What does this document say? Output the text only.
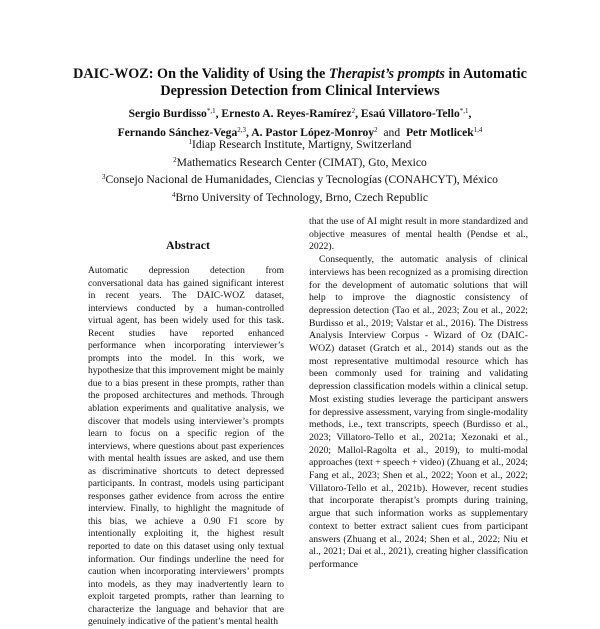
DAIC-WOZ: On the Validity of Using the Therapist’s prompts in Automatic
Depression Detection from Clinical Interviews
Sergio Burdisso$^{*,1}$, Ernesto A. Reyes-Ramírez$^2$, Esaú Villatoro-Tello$^{*,1}$,
Fernando Sánchez-Vega$^{2,3}$, A. Pastor López-Monroy$^2$ and Petr Motlicek$^{1,4}$
$^1$Idiap Research Institute, Martigny, Switzerland
$^2$Mathematics Research Center (CIMAT), Gto, Mexico
$^3$Consejo Nacional de Humanidades, Ciencias y Tecnologías (CONAHCYT), México
$^4$Brno University of Technology, Brno, Czech Republic
Abstract
Automatic depression detection from conversational data has gained significant interest in recent years. The DAIC-WOZ dataset, interviews conducted by a human-controlled virtual agent, has been widely used for this task. Recent studies have reported enhanced performance when incorporating interviewer’s prompts into the model. In this work, we hypothesize that this improvement might be mainly due to a bias present in these prompts, rather than the proposed architectures and methods. Through ablation experiments and qualitative analysis, we discover that models using interviewer’s prompts learn to focus on a specific region of the interviews, where questions about past experiences with mental health issues are asked, and use them as discriminative shortcuts to detect depressed participants. In contrast, models using participant responses gather evidence from across the entire interview. Finally, to highlight the magnitude of this bias, we achieve a 0.90 F1 score by intentionally exploiting it, the highest result reported to date on this dataset using only textual information. Our findings underline the need for caution when incorporating interviewers’ prompts into models, as they may inadvertently learn to exploit targeted prompts, rather than learning to characterize the language and behavior that are genuinely indicative of the patient’s mental health

that the use of AI might result in more standardized and objective measures of mental health (Pendse et al., 2022).

Consequently, the automatic analysis of clinical interviews has been recognized as a promising direction for the development of automatic solutions that will help to improve the diagnostic consistency of depression detection (Tao et al., 2023; Zou et al., 2022; Burdisso et al., 2019; Valstar et al., 2016). The Distress Analysis Interview Corpus - Wizard of Oz (DAIC-WOZ) dataset (Gratch et al., 2014) stands out as the most representative multimodal resource which has been commonly used for training and validating depression classification models within a clinical setup. Most existing studies leverage the participant answers for depressive assessment, varying from single-modality methods, i.e., text transcripts, speech (Burdisso et al., 2023; Villatoro-Tello et al., 2021a; Xezonaki et al., 2020; Mallol-Ragolta et al., 2019), to multi-modal approaches (text + speech + video) (Zhuang et al., 2024; Fang et al., 2023; Shen et al., 2022; Yoon et al., 2022; Villatoro-Tello et al., 2021b). However, recent studies that incorporate therapist’s prompts during training, argue that such information works as supplementary context to better extract salient cues from participant answers (Zhuang et al., 2024; Shen et al., 2022; Niu et al., 2021; Dai et al., 2021), creating higher classification performance
